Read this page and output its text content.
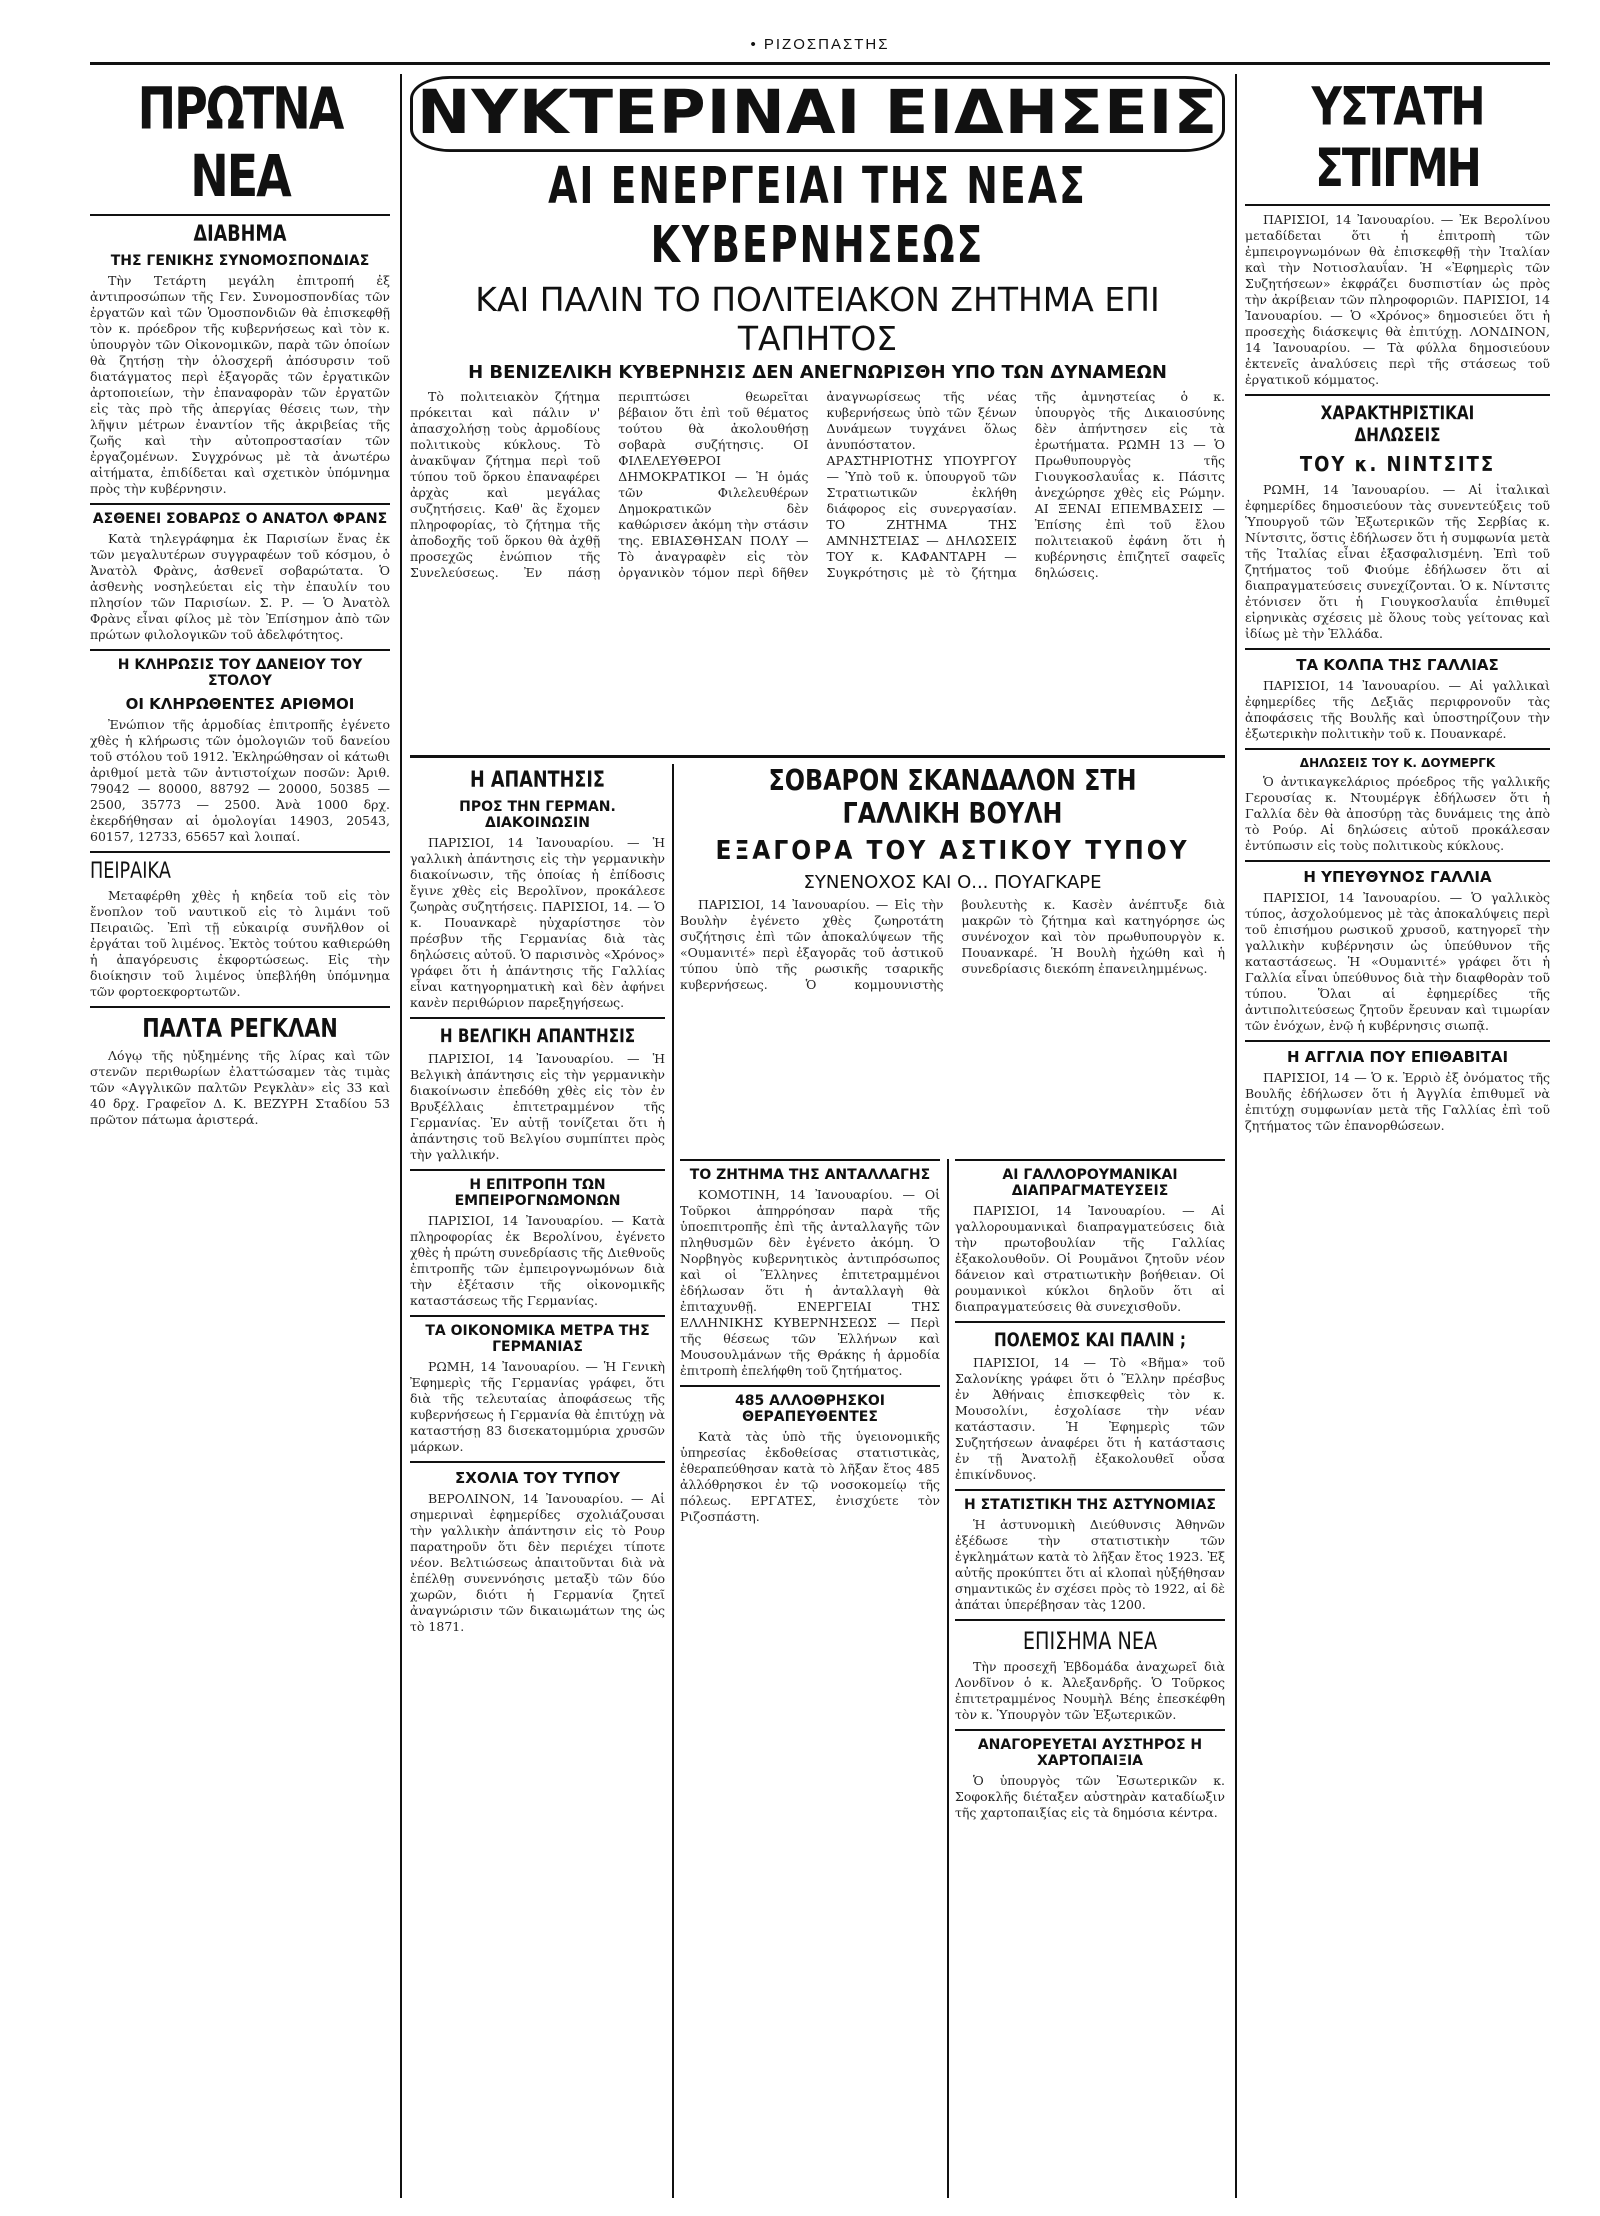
• ΡΙΖΟΣΠΑΣΤΗΣ
ΠΡΩΤΝΑ ΝΕΑ
ΔΙΑΒΗΜΑ
ΤΗΣ ΓΕΝΙΚΗΣ ΣΥΝΟΜΟΣΠΟΝΔΙΑΣ

Τὴν Τετάρτη μεγάλη ἐπιτροπή ἐξ ἀντιπροσώπων τῆς Γεν. Συνομοσπονδίας τῶν ἐργατῶν καὶ τῶν Ὁμοσπονδιῶν θὰ ἐπισκεφθῇ τὸν κ. πρόεδρον τῆς κυβερνήσεως καὶ τὸν κ. ὑπουργὸν τῶν Οἰκονομικῶν, παρὰ τῶν ὁποίων θὰ ζητήσῃ τὴν ὁλοσχερῆ ἀπόσυρσιν τοῦ διατάγματος περὶ ἐξαγορᾶς τῶν ἐργατικῶν ἀρτοποιείων, τὴν ἐπαναφορὰν τῶν ἐργατῶν εἰς τὰς πρὸ τῆς ἀπεργίας θέσεις των, τὴν λῆψιν μέτρων ἐναντίον τῆς ἀκριβείας τῆς ζωῆς καὶ τὴν αὐτοπροστασίαν τῶν ἐργαζομένων. Συγχρόνως μὲ τὰ ἀνωτέρω αἰτήματα, ἐπιδίδεται καὶ σχετικὸν ὑπόμνημα πρὸς τὴν κυβέρνησιν.

ΑΣΘΕΝΕΙ ΣΟΒΑΡΩΣ Ο ΑΝΑΤΟΛ ΦΡΑΝΣ

Κατὰ τηλεγράφημα ἐκ Παρισίων ἔνας ἐκ τῶν μεγαλυτέρων συγγραφέων τοῦ κόσμου, ὁ Ἀνατὸλ Φρὰνς, ἀσθενεῖ σοβαρώτατα. Ὁ ἀσθενὴς νοσηλεύεται εἰς τὴν ἐπαυλίν του πλησίον τῶν Παρισίων. Σ. Ρ. — Ὁ Ἀνατὸλ Φρὰνς εἶναι φίλος μὲ τὸν Ἐπίσημον ἀπὸ τῶν πρώτων φιλολογικῶν τοῦ ἀδελφότητος.

Η ΚΛΗΡΩΣΙΣ ΤΟΥ ΔΑΝΕΙΟΥ ΤΟΥ ΣΤΟΛΟΥ
ΟΙ ΚΛΗΡΩΘΕΝΤΕΣ ΑΡΙΘΜΟΙ

Ἐνώπιον τῆς ἁρμοδίας ἐπιτροπῆς ἐγένετο χθὲς ἡ κλήρωσις τῶν ὁμολογιῶν τοῦ δανείου τοῦ στόλου τοῦ 1912. Ἐκληρώθησαν οἱ κάτωθι ἀριθμοί μετὰ τῶν ἀντιστοίχων ποσῶν: Ἀριθ. 79042 — 80000, 88792 — 20000, 50385 — 2500, 35773 — 2500. Ἀνὰ 1000 δρχ. ἐκερδήθησαν αἱ ὁμολογίαι 14903, 20543, 60157, 12733, 65657 καὶ λοιπαί.

ΠΕΙΡΑΙΚΑ

Μεταφέρθη χθὲς ἡ κηδεία τοῦ εἰς τὸν ἔνοπλον τοῦ ναυτικοῦ εἰς τὸ λιμάνι τοῦ Πειραιῶς. Ἐπὶ τῇ εὐκαιρίᾳ συνῆλθον οἱ ἐργάται τοῦ λιμένος. Ἐκτὸς τούτου καθιερώθη ἡ ἀπαγόρευσις ἐκφορτώσεως. Εἰς τὴν διοίκησιν τοῦ λιμένος ὑπεβλήθη ὑπόμνημα τῶν φορτοεκφορτωτῶν.

ΠΑΛΤΑ ΡΕΓΚΛΑΝ

Λόγῳ τῆς ηὐξημένης τῆς λίρας καὶ τῶν στενῶν περιθωρίων ἐλαττώσαμεν τὰς τιμὰς τῶν «Αγγλικῶν παλτῶν Ρεγκλὰν» εἰς 33 καὶ 40 δρχ. Γραφεῖον Δ. Κ. ΒΕΖΥΡΗ Σταδίου 53 πρῶτον πάτωμα ἀριστερά.

ΝΥΚΤΕΡΙΝΑΙ ΕΙΔΗΣΕΙΣ
ΑΙ ΕΝΕΡΓΕΙΑΙ ΤΗΣ ΝΕΑΣ ΚΥΒΕΡΝΗΣΕΩΣ
ΚΑΙ ΠΑΛΙΝ ΤΟ ΠΟΛΙΤΕΙΑΚΟΝ ΖΗΤΗΜΑ ΕΠΙ ΤΑΠΗΤΟΣ
Η ΒΕΝΙΖΕΛΙΚΗ ΚΥΒΕΡΝΗΣΙΣ ΔΕΝ ΑΝΕΓΝΩΡΙΣΘΗ ΥΠΟ ΤΩΝ ΔΥΝΑΜΕΩΝ

Τὸ πολιτειακὸν ζήτημα πρόκειται καὶ πάλιν ν' ἀπασχολήσῃ τοὺς ἀρμοδίους πολιτικοὺς κύκλους. Τὸ ἀνακῦψαν ζήτημα περὶ τοῦ τύπου τοῦ ὅρκου ἐπαναφέρει ἀρχὰς καὶ μεγάλας συζητήσεις. Καθ' ἃς ἔχομεν πληροφορίας, τὸ ζήτημα τῆς ἀποδοχῆς τοῦ ὅρκου θὰ ἀχθῇ προσεχῶς ἐνώπιον τῆς Συνελεύσεως. Ἐν πάσῃ περιπτώσει θεωρεῖται βέβαιον ὅτι ἐπὶ τοῦ θέματος τούτου θὰ ἀκολουθήσῃ σοβαρὰ συζήτησις. ΟΙ ΦΙΛΕΛΕΥΘΕΡΟΙ ΔΗΜΟΚΡΑΤΙΚΟΙ — Ἡ ὁμάς τῶν Φιλελευθέρων Δημοκρατικῶν δὲν καθώρισεν ἀκόμη τὴν στάσιν της. ΕΒΙΑΣΘΗΣΑΝ ΠΟΛΥ — Τὸ ἀναγραφὲν εἰς τὸν ὀργανικὸν τόμον περὶ δῆθεν ἀναγνωρίσεως τῆς νέας κυβερνήσεως ὑπὸ τῶν ξένων Δυνάμεων τυγχάνει ὅλως ἀνυπόστατον. ΑΡΑΣΤΗΡΙΟΤΗΣ ΥΠΟΥΡΓΟΥ — Ὑπὸ τοῦ κ. ὑπουργοῦ τῶν Στρατιωτικῶν ἐκλήθη διάφορος εἰς συνεργασίαν. ΤΟ ΖΗΤΗΜΑ ΤΗΣ ΑΜΝΗΣΤΕΙΑΣ — ΔΗΛΩΣΕΙΣ ΤΟΥ κ. ΚΑΦΑΝΤΑΡΗ — Συγκρότησις μὲ τὸ ζήτημα τῆς ἀμνηστείας ὁ κ. ὑπουργὸς τῆς Δικαιοσύνης δὲν ἀπήντησεν εἰς τὰ ἐρωτήματα. ΡΩΜΗ 13 — Ὁ Πρωθυπουργὸς τῆς Γιουγκοσλαυΐας κ. Πάσιτς ἀνεχώρησε χθὲς εἰς Ρώμην. ΑΙ ΞΕΝΑΙ ΕΠΕΜΒΑΣΕΙΣ — Ἐπίσης ἐπὶ τοῦ ἔλου πολιτειακοῦ ἐφάνη ὅτι ἡ κυβέρνησις ἐπιζητεῖ σαφεῖς δηλώσεις.

Η ΑΠΑΝΤΗΣΙΣ
ΠΡΟΣ ΤΗΝ ΓΕΡΜΑΝ. ΔΙΑΚΟΙΝΩΣΙΝ

ΠΑΡΙΣΙΟΙ, 14 Ἰανουαρίου. — Ἡ γαλλικὴ ἀπάντησις εἰς τὴν γερμανικὴν διακοίνωσιν, τῆς ὁποίας ἡ ἐπίδοσις ἔγινε χθὲς εἰς Βερολῖνον, προκάλεσε ζωηρὰς συζητήσεις. ΠΑΡΙΣΙΟΙ, 14. — Ὁ κ. Πουανκαρὲ ηὐχαρίστησε τὸν πρέσβυν τῆς Γερμανίας διὰ τὰς δηλώσεις αὐτοῦ. Ὁ παρισινὸς «Χρόνος» γράφει ὅτι ἡ ἀπάντησις τῆς Γαλλίας εἶναι κατηγορηματικὴ καὶ δὲν ἀφήνει κανὲν περιθώριον παρεξηγήσεως.

Η ΒΕΛΓΙΚΗ ΑΠΑΝΤΗΣΙΣ

ΠΑΡΙΣΙΟΙ, 14 Ἰανουαρίου. — Ἡ Βελγικὴ ἀπάντησις εἰς τὴν γερμανικὴν διακοίνωσιν ἐπεδόθη χθὲς εἰς τὸν ἐν Βρυξέλλαις ἐπιτετραμμένον τῆς Γερμανίας. Ἐν αὐτῇ τονίζεται ὅτι ἡ ἀπάντησις τοῦ Βελγίου συμπίπτει πρὸς τὴν γαλλικήν.

Η ΕΠΙΤΡΟΠΗ ΤΩΝ ΕΜΠΕΙΡΟΓΝΩΜΟΝΩΝ

ΠΑΡΙΣΙΟΙ, 14 Ἰανουαρίου. — Κατὰ πληροφορίας ἐκ Βερολίνου, ἐγένετο χθὲς ἡ πρώτη συνεδρίασις τῆς Διεθνοῦς ἐπιτροπῆς τῶν ἐμπειρογνωμόνων διὰ τὴν ἐξέτασιν τῆς οἰκονομικῆς καταστάσεως τῆς Γερμανίας.

ΤΑ ΟΙΚΟΝΟΜΙΚΑ ΜΕΤΡΑ ΤΗΣ ΓΕΡΜΑΝΙΑΣ

ΡΩΜΗ, 14 Ἰανουαρίου. — Ἡ Γενικὴ Ἐφημερὶς τῆς Γερμανίας γράφει, ὅτι διὰ τῆς τελευταίας ἀποφάσεως τῆς κυβερνήσεως ἡ Γερμανία θὰ ἐπιτύχῃ νὰ καταστήσῃ 83 δισεκατομμύρια χρυσῶν μάρκων.

ΣΧΟΛΙΑ ΤΟΥ ΤΥΠΟΥ

ΒΕΡΟΛΙΝΟΝ, 14 Ἰανουαρίου. — Αἱ σημεριναὶ ἐφημερίδες σχολιάζουσαι τὴν γαλλικὴν ἀπάντησιν εἰς τὸ Ρουρ παρατηροῦν ὅτι δὲν περιέχει τίποτε νέον. Βελτιώσεως ἀπαιτοῦνται διὰ νὰ ἐπέλθῃ συνεννόησις μεταξὺ τῶν δύο χωρῶν, διότι ἡ Γερμανία ζητεῖ ἀναγνώρισιν τῶν δικαιωμάτων της ὡς τὸ 1871.

ΣΟΒΑΡΟΝ ΣΚΑΝΔΑΛΟΝ ΣΤΗ ΓΑΛΛΙΚΗ ΒΟΥΛΗ
ΕΞΑΓΟΡΑ ΤΟΥ ΑΣΤΙΚΟΥ ΤΥΠΟΥ
ΣΥΝΕΝΟΧΟΣ ΚΑΙ Ο... ΠΟΥΑΓΚΑΡΕ

ΠΑΡΙΣΙΟΙ, 14 Ἰανουαρίου. — Εἰς τὴν Βουλὴν ἐγένετο χθὲς ζωηροτάτη συζήτησις ἐπὶ τῶν ἀποκαλύψεων τῆς «Ουμανιτέ» περὶ ἐξαγορᾶς τοῦ ἀστικοῦ τύπου ὑπὸ τῆς ρωσικῆς τσαρικῆς κυβερνήσεως. Ὁ κομμουνιστὴς βουλευτὴς κ. Κασὲν ἀνέπτυξε διὰ μακρῶν τὸ ζήτημα καὶ κατηγόρησε ὡς συνένοχον καὶ τὸν πρωθυπουργὸν κ. Πουανκαρέ. Ἡ Βουλὴ ἠχώθη καὶ ἡ συνεδρίασις διεκόπη ἐπανειλημμένως.

ΤΟ ΖΗΤΗΜΑ ΤΗΣ ΑΝΤΑΛΛΑΓΗΣ

ΚΟΜΟΤΙΝΗ, 14 Ἰανουαρίου. — Οἱ Τοῦρκοι ἀπηρρόησαν παρὰ τῆς ὑποεπιτροπῆς ἐπὶ τῆς ἀνταλλαγῆς τῶν πληθυσμῶν δὲν ἐγένετο ἀκόμη. Ὁ Νορβηγὸς κυβερνητικὸς ἀντιπρόσωπος καὶ οἱ Ἕλληνες ἐπιτετραμμένοι ἐδήλωσαν ὅτι ἡ ἀνταλλαγὴ θὰ ἐπιταχυνθῇ. ΕΝΕΡΓΕΙΑΙ ΤΗΣ ΕΛΛΗΝΙΚΗΣ ΚΥΒΕΡΝΗΣΕΩΣ — Περὶ τῆς θέσεως τῶν Ἑλλήνων καὶ Μουσουλμάνων τῆς Θράκης ἡ ἀρμοδία ἐπιτροπὴ ἐπελήφθη τοῦ ζητήματος.

485 ΑΛΛΟΘΡΗΣΚΟΙ ΘΕΡΑΠΕΥΘΕΝΤΕΣ

Κατὰ τὰς ὑπὸ τῆς ὑγειονομικῆς ὑπηρεσίας ἐκδοθείσας στατιστικὰς, ἐθεραπεύθησαν κατὰ τὸ λῆξαν ἔτος 485 ἀλλόθρησκοι ἐν τῷ νοσοκομείῳ τῆς πόλεως. ΕΡΓΑΤΕΣ, ἐνισχύετε τὸν Ριζοσπάστη.

ΑΙ ΓΑΛΛΟΡΟΥΜΑΝΙΚΑΙ ΔΙΑΠΡΑΓΜΑΤΕΥΣΕΙΣ

ΠΑΡΙΣΙΟΙ, 14 Ἰανουαρίου. — Αἱ γαλλορουμανικαὶ διαπραγματεύσεις διὰ τὴν πρωτοβουλίαν τῆς Γαλλίας ἐξακολουθοῦν. Οἱ Ρουμᾶνοι ζητοῦν νέον δάνειον καὶ στρατιωτικὴν βοήθειαν. Οἱ ρουμανικοὶ κύκλοι δηλοῦν ὅτι αἱ διαπραγματεύσεις θὰ συνεχισθοῦν.

ΠΟΛΕΜΟΣ ΚΑΙ ΠΑΛΙΝ ;

ΠΑΡΙΣΙΟΙ, 14 — Τὸ «Βῆμα» τοῦ Σαλονίκης γράφει ὅτι ὁ Ἕλλην πρέσβυς ἐν Ἀθήναις ἐπισκεφθεὶς τὸν κ. Μουσολίνι, ἐσχολίασε τὴν νέαν κατάστασιν. Ἡ Ἐφημερὶς τῶν Συζητήσεων ἀναφέρει ὅτι ἡ κατάστασις ἐν τῇ Ἀνατολῇ ἐξακολουθεῖ οὖσα ἐπικίνδυνος.

Η ΣΤΑΤΙΣΤΙΚΗ ΤΗΣ ΑΣΤΥΝΟΜΙΑΣ

Ἡ ἀστυνομικὴ Διεύθυνσις Ἀθηνῶν ἐξέδωσε τὴν στατιστικὴν τῶν ἐγκλημάτων κατὰ τὸ λῆξαν ἔτος 1923. Ἐξ αὐτῆς προκύπτει ὅτι αἱ κλοπαὶ ηὐξήθησαν σημαντικῶς ἐν σχέσει πρὸς τὸ 1922, αἱ δὲ ἀπάται ὑπερέβησαν τὰς 1200.

ΕΠΙΣΗΜΑ ΝΕΑ

Τὴν προσεχῆ Ἑβδομάδα ἀναχωρεῖ διὰ Λονδῖνον ὁ κ. Ἀλεξανδρῆς. Ὁ Τοῦρκος ἐπιτετραμμένος Νουμὴλ Βέης ἐπεσκέφθη τὸν κ. Ὑπουργὸν τῶν Ἐξωτερικῶν.

ΑΝΑΓΟΡΕΥΕΤΑΙ ΑΥΣΤΗΡΟΣ Η ΧΑΡΤΟΠΑΙΞΙΑ

Ὁ ὑπουργὸς τῶν Ἐσωτερικῶν κ. Σοφοκλῆς διέταξεν αὐστηρὰν καταδίωξιν τῆς χαρτοπαιξίας εἰς τὰ δημόσια κέντρα.

ΥΣΤΑΤΗ ΣΤΙΓΜΗ

ΠΑΡΙΣΙΟΙ, 14 Ἰανουαρίου. — Ἐκ Βερολίνου μεταδίδεται ὅτι ἡ ἐπιτροπὴ τῶν ἐμπειρογνωμόνων θὰ ἐπισκεφθῇ τὴν Ἰταλίαν καὶ τὴν Νοτιοσλαυΐαν. Ἡ «Ἐφημερὶς τῶν Συζητήσεων» ἐκφράζει δυσπιστίαν ὡς πρὸς τὴν ἀκρίβειαν τῶν πληροφοριῶν. ΠΑΡΙΣΙΟΙ, 14 Ἰανουαρίου. — Ὁ «Χρόνος» δημοσιεύει ὅτι ἡ προσεχὴς διάσκεψις θὰ ἐπιτύχῃ. ΛΟΝΔΙΝΟΝ, 14 Ἰανουαρίου. — Τὰ φύλλα δημοσιεύουν ἐκτενεῖς ἀναλύσεις περὶ τῆς στάσεως τοῦ ἐργατικοῦ κόμματος.

ΧΑΡΑΚΤΗΡΙΣΤΙΚΑΙ ΔΗΛΩΣΕΙΣ
ΤΟΥ κ. ΝΙΝΤΣΙΤΣ

ΡΩΜΗ, 14 Ἰανουαρίου. — Αἱ ἰταλικαὶ ἐφημερίδες δημοσιεύουν τὰς συνεντεύξεις τοῦ Ὑπουργοῦ τῶν Ἐξωτερικῶν τῆς Σερβίας κ. Νίντσιτς, ὅστις ἐδήλωσεν ὅτι ἡ συμφωνία μετὰ τῆς Ἰταλίας εἶναι ἐξασφαλισμένη. Ἐπὶ τοῦ ζητήματος τοῦ Φιούμε ἐδήλωσεν ὅτι αἱ διαπραγματεύσεις συνεχίζονται. Ὁ κ. Νίντσιτς ἐτόνισεν ὅτι ἡ Γιουγκοσλαυΐα ἐπιθυμεῖ εἰρηνικὰς σχέσεις μὲ ὅλους τοὺς γείτονας καὶ ἰδίως μὲ τὴν Ἑλλάδα.

ΤΑ ΚΟΛΠΑ ΤΗΣ ΓΑΛΛΙΑΣ

ΠΑΡΙΣΙΟΙ, 14 Ἰανουαρίου. — Αἱ γαλλικαὶ ἐφημερίδες τῆς Δεξιᾶς περιφρονοῦν τὰς ἀποφάσεις τῆς Βουλῆς καὶ ὑποστηρίζουν τὴν ἐξωτερικὴν πολιτικὴν τοῦ κ. Πουανκαρέ.

ΔΗΛΩΣΕΙΣ ΤΟΥ Κ. ΔΟΥΜΕΡΓΚ

Ὁ ἀντικαγκελάριος πρόεδρος τῆς γαλλικῆς Γερουσίας κ. Ντουμέργκ ἐδήλωσεν ὅτι ἡ Γαλλία δὲν θὰ ἀποσύρῃ τὰς δυνάμεις της ἀπὸ τὸ Ρούρ. Αἱ δηλώσεις αὐτοῦ προκάλεσαν ἐντύπωσιν εἰς τοὺς πολιτικοὺς κύκλους.

Η ΥΠΕΥΘΥΝΟΣ ΓΑΛΛΙΑ

ΠΑΡΙΣΙΟΙ, 14 Ἰανουαρίου. — Ὁ γαλλικὸς τύπος, ἀσχολούμενος μὲ τὰς ἀποκαλύψεις περὶ τοῦ ἐπισήμου ρωσικοῦ χρυσοῦ, κατηγορεῖ τὴν γαλλικὴν κυβέρνησιν ὡς ὑπεύθυνον τῆς καταστάσεως. Ἡ «Ουμανιτέ» γράφει ὅτι ἡ Γαλλία εἶναι ὑπεύθυνος διὰ τὴν διαφθορὰν τοῦ τύπου. Ὅλαι αἱ ἐφημερίδες τῆς ἀντιπολιτεύσεως ζητοῦν ἔρευναν καὶ τιμωρίαν τῶν ἐνόχων, ἐνῷ ἡ κυβέρνησις σιωπᾷ.

Η ΑΓΓΛΙΑ ΠΟΥ ΕΠΙΘΑΒΙΤΑΙ

ΠΑΡΙΣΙΟΙ, 14 — Ὁ κ. Ἐρριὸ ἐξ ὀνόματος τῆς Βουλῆς ἐδήλωσεν ὅτι ἡ Ἀγγλία ἐπιθυμεῖ νὰ ἐπιτύχῃ συμφωνίαν μετὰ τῆς Γαλλίας ἐπὶ τοῦ ζητήματος τῶν ἐπανορθώσεων.
